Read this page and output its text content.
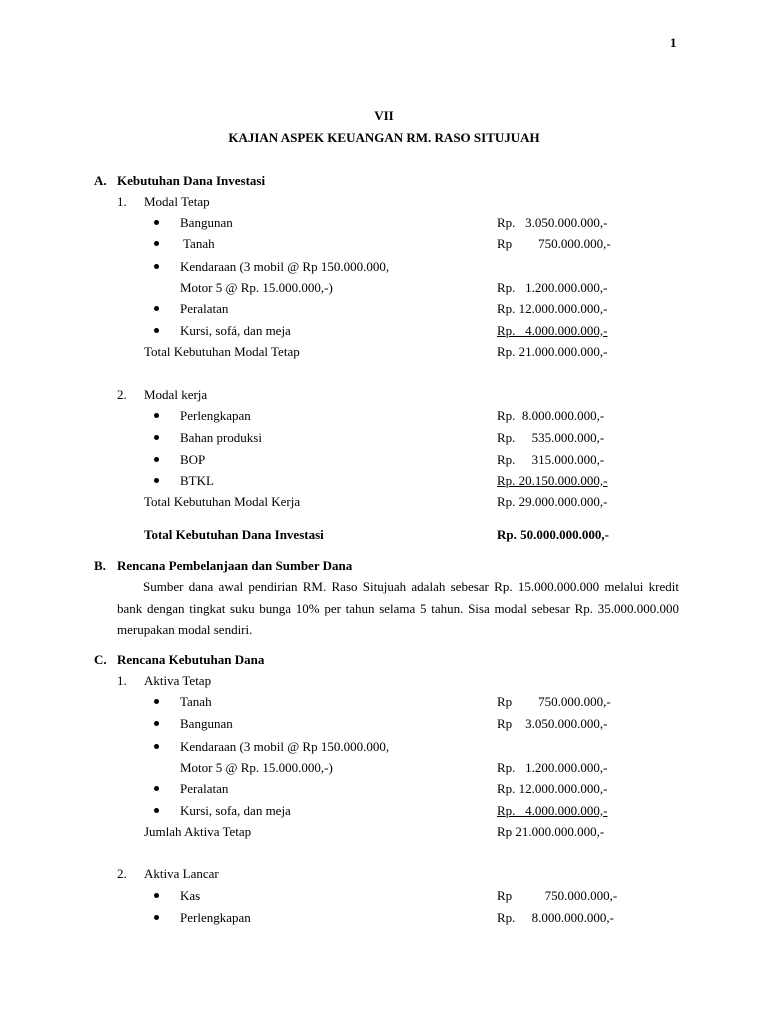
1
VII
KAJIAN ASPEK KEUANGAN RM. RASO SITUJUAH
A. Kebutuhan Dana Investasi
1. Modal Tetap
Bangunan	Rp.   3.050.000.000,-
Tanah	Rp        750.000.000,-
Kendaraan (3 mobil @ Rp 150.000.000,
Motor 5 @ Rp. 15.000.000,-)	Rp.   1.200.000.000,-
Peralatan	Rp. 12.000.000.000,-
Kursi, sofá, dan meja	Rp.   4.000.000.000,-
Total Kebutuhan Modal Tetap	Rp. 21.000.000.000,-
2. Modal kerja
Perlengkapan	Rp.  8.000.000.000,-
Bahan produksi	Rp.     535.000.000,-
BOP	Rp.     315.000.000,-
BTKL	Rp. 20.150.000.000,-
Total Kebutuhan Modal Kerja	Rp. 29.000.000.000,-
Total Kebutuhan Dana Investasi	Rp. 50.000.000.000,-
B. Rencana Pembelanjaan dan Sumber Dana
Sumber dana awal pendirian RM. Raso Situjuah adalah sebesar Rp. 15.000.000.000 melalui kredit bank dengan tingkat suku bunga 10% per tahun selama 5 tahun. Sisa modal sebesar Rp. 35.000.000.000 merupakan modal sendiri.
C. Rencana Kebutuhan Dana
1. Aktiva Tetap
Tanah	Rp        750.000.000,-
Bangunan	Rp    3.050.000.000,-
Kendaraan (3 mobil @ Rp 150.000.000,
Motor 5 @ Rp. 15.000.000,-)	Rp.   1.200.000.000,-
Peralatan	Rp. 12.000.000.000,-
Kursi, sofa, dan meja	Rp.   4.000.000.000,-
Jumlah Aktiva Tetap	Rp 21.000.000.000,-
2. Aktiva Lancar
Kas	Rp          750.000.000,-
Perlengkapan	Rp.     8.000.000.000,-
